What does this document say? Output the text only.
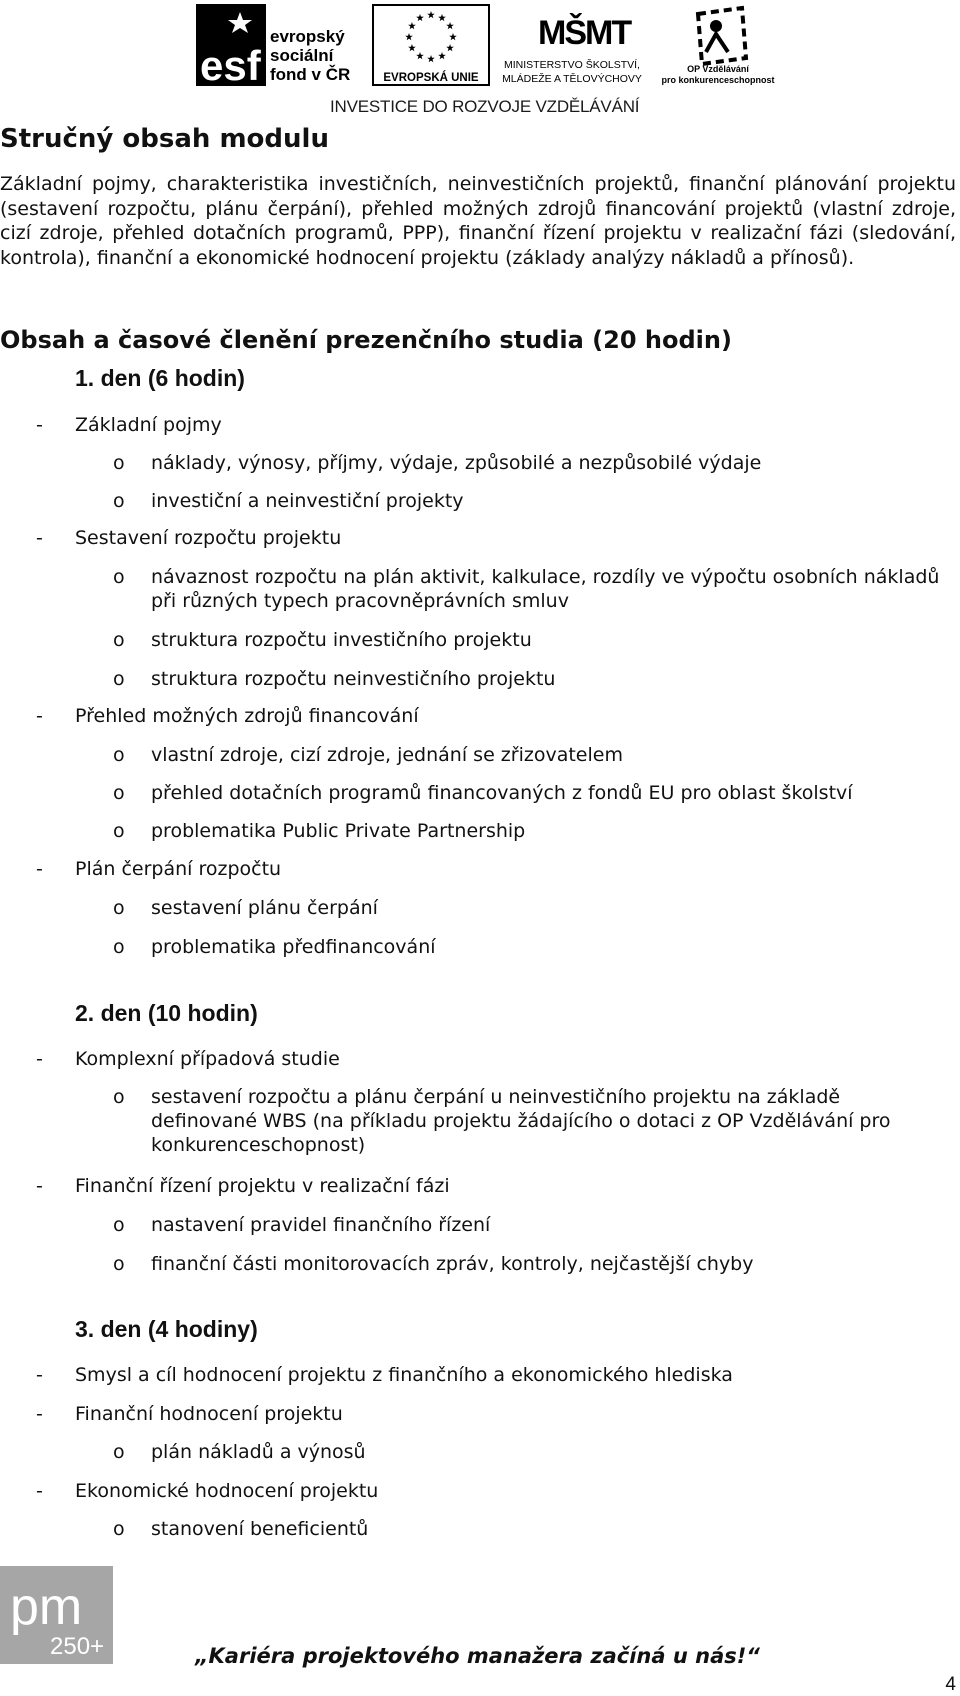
esf
evropský
sociální
fond v ČR	EVROPSKÁ UNIE
MŠMT
MINISTERSTVO ŠKOLSTVÍ,
MLÁDEŽE A TĚLOVÝCHOVY
OP Vzdělávání
pro konkurenceschopnost
INVESTICE DO ROZVOJE VZDĚLÁVÁNÍ
Stručný obsah modulu
Základní pojmy, charakteristika investičních, neinvestičních projektů, finanční plánování projektu (sestavení rozpočtu, plánu čerpání), přehled možných zdrojů financování projektů (vlastní zdroje, cizí zdroje, přehled dotačních programů, PPP), finanční řízení projektu v realizační fázi (sledování, kontrola), finanční a ekonomické hodnocení projektu (základy analýzy nákladů a přínosů).
Obsah a časové členění prezenčního studia (20 hodin)
1. den (6 hodin)
- Základní pojmy
o náklady, výnosy, příjmy, výdaje, způsobilé a nezpůsobilé výdaje
o investiční a neinvestiční projekty
- Sestavení rozpočtu projektu
o návaznost rozpočtu na plán aktivit, kalkulace, rozdíly ve výpočtu osobních nákladů při různých typech pracovněprávních smluv
o struktura rozpočtu investičního projektu
o struktura rozpočtu neinvestičního projektu
- Přehled možných zdrojů financování
o vlastní zdroje, cizí zdroje, jednání se zřizovatelem
o přehled dotačních programů financovaných z fondů EU pro oblast školství
o problematika Public Private Partnership
- Plán čerpání rozpočtu
o sestavení plánu čerpání
o problematika předfinancování
2. den (10 hodin)
- Komplexní případová studie
o sestavení rozpočtu a plánu čerpání u neinvestičního projektu na základě definované WBS (na příkladu projektu žádajícího o dotaci z OP Vzdělávání pro konkurenceschopnost)
- Finanční řízení projektu v realizační fázi
o nastavení pravidel finančního řízení
o finanční části monitorovacích zpráv, kontroly, nejčastější chyby
3. den (4 hodiny)
- Smysl a cíl hodnocení projektu z finančního a ekonomického hlediska
- Finanční hodnocení projektu
o plán nákladů a výnosů
- Ekonomické hodnocení projektu
o stanovení beneficientů
pm
250+	„Kariéra projektového manažera začíná u nás!“
4
